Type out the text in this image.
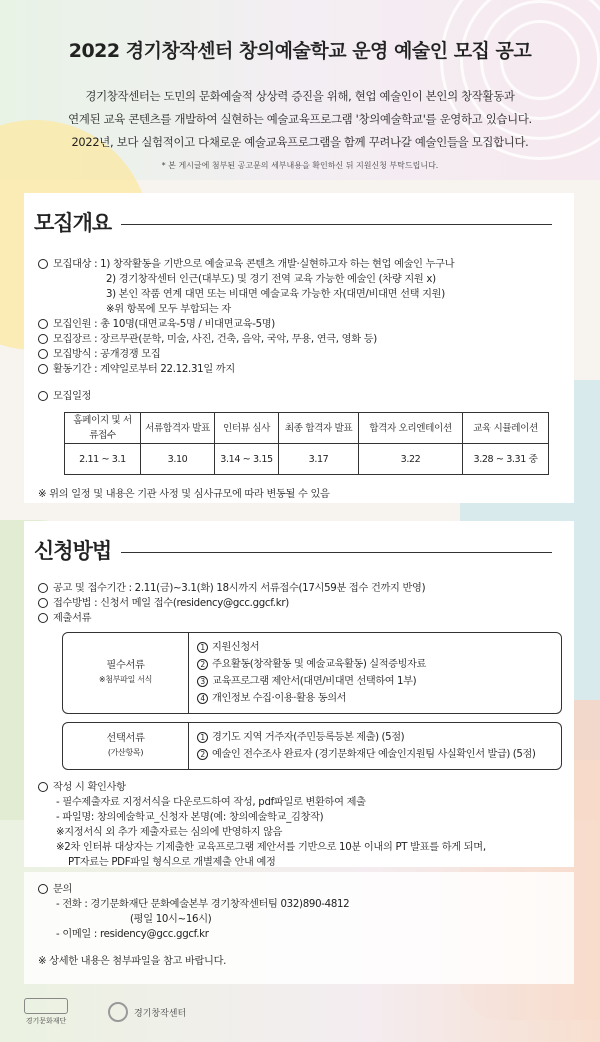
2022 경기창작센터 창의예술학교 운영 예술인 모집 공고
경기창작센터는 도민의 문화예술적 상상력 증진을 위해, 현업 예술인이 본인의 창작활동과
연계된 교육 콘텐츠를 개발하여 실현하는 예술교육프로그램 '창의예술학교'를 운영하고 있습니다.
2022년, 보다 실험적이고 다채로운 예술교육프로그램을 함께 꾸려나갈 예술인들을 모집합니다.
* 본 게시글에 첨부된 공고문의 세부내용을 확인하신 뒤 지원신청 부탁드립니다.
모집개요
모집대상 : 1) 창작활동을 기반으로 예술교육 콘텐츠 개발·실현하고자 하는 현업 예술인 누구나
2) 경기창작센터 인근(대부도) 및 경기 전역 교육 가능한 예술인 (차량 지원 x)
3) 본인 작품 연계 대면 또는 비대면 예술교육 가능한 자(대면/비대면 선택 지원)
※위 항목에 모두 부합되는 자
모집인원 : 총 10명(대면교육-5명 / 비대면교육-5명)
모집장르 : 장르무관(문학, 미술, 사진, 건축, 음악, 국악, 무용, 연극, 영화 등)
모집방식 : 공개경쟁 모집
활동기간 : 계약일로부터 22.12.31일 까지
모집일정
홈페이지 및 서류접수	서류합격자 발표	인터뷰 심사	최종 합격자 발표	합격자 오리엔테이션	교육 시뮬레이션
2.11 ~ 3.1	3.10	3.14 ~ 3.15	3.17	3.22	3.28 ~ 3.31 중
※ 위의 일정 및 내용은 기관 사정 및 심사규모에 따라 변동될 수 있음
신청방법
공고 및 접수기간 : 2.11(금)~3.1(화) 18시까지 서류접수(17시59분 접수 건까지 반영)
접수방법 : 신청서 메일 접수(residency@gcc.ggcf.kr)
제출서류
필수서류
※첨부파일 서식
1 지원신청서
2 주요활동(창작활동 및 예술교육활동) 실적증빙자료
3 교육프로그램 제안서(대면/비대면 선택하여 1부)
4 개인정보 수집·이용·활용 동의서
선택서류
(가산항목)
1 경기도 지역 거주자(주민등록등본 제출) (5점)
2 예술인 전수조사 완료자 (경기문화재단 예술인지원팀 사실확인서 발급) (5점)
작성 시 확인사항
- 필수제출자료 지정서식을 다운로드하여 작성, pdf파일로 변환하여 제출
- 파일명: 창의예술학교_신청자 본명(예: 창의예술학교_김창작)
※지정서식 외 추가 제출자료는 심의에 반영하지 않음
※2차 인터뷰 대상자는 기제출한 교육프로그램 제안서를 기반으로 10분 이내의 PT 발표를 하게 되며,
PT자료는 PDF파일 형식으로 개별제출 안내 예정
문의
- 전화 : 경기문화재단 문화예술본부 경기창작센터팀 032)890-4812
(평일 10시~16시)
- 이메일 : residency@gcc.ggcf.kr
※ 상세한 내용은 첨부파일을 참고 바랍니다.
경기문화재단
경기창작센터
